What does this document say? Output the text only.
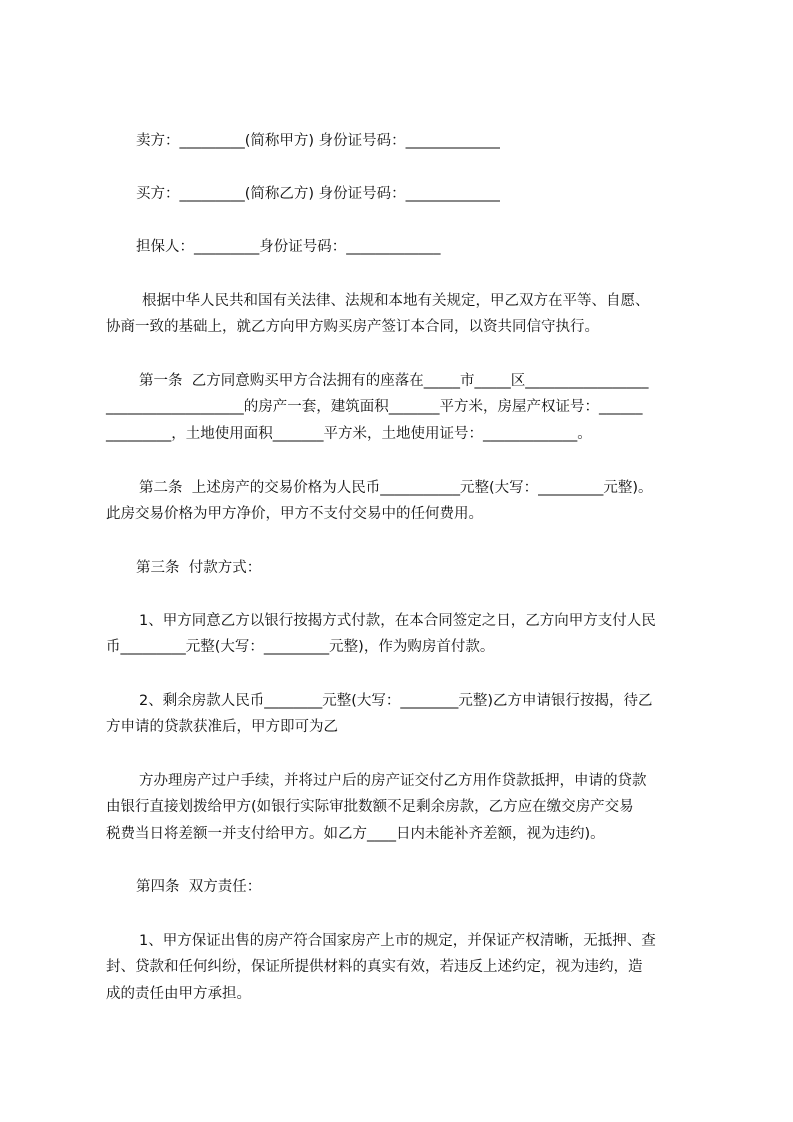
卖方：_________(简称甲方) 身份证号码：_____________

买方：_________(简称乙方) 身份证号码：_____________

担保人：_________身份证号码：_____________

根据中华人民共和国有关法律、法规和本地有关规定，甲乙双方在平等、自愿、

协商一致的基础上，就乙方向甲方购买房产签订本合同，以资共同信守执行。

第一条  乙方同意购买甲方合法拥有的座落在_____市_____区_________________

___________________的房产一套，建筑面积_______平方米，房屋产权证号：______

_________，土地使用面积_______平方米，土地使用证号：_____________。

第二条  上述房产的交易价格为人民币___________元整(大写：_________元整)。

此房交易价格为甲方净价，甲方不支付交易中的任何费用。

第三条  付款方式：

1、甲方同意乙方以银行按揭方式付款，在本合同签定之日，乙方向甲方支付人民

币_________元整(大写：_________元整)，作为购房首付款。

2、剩余房款人民币________元整(大写：________元整)乙方申请银行按揭，待乙

方申请的贷款获准后，甲方即可为乙

方办理房产过户手续，并将过户后的房产证交付乙方用作贷款抵押，申请的贷款

由银行直接划拨给甲方(如银行实际审批数额不足剩余房款，乙方应在缴交房产交易

税费当日将差额一并支付给甲方。如乙方____日内未能补齐差额，视为违约)。

第四条  双方责任：

1、甲方保证出售的房产符合国家房产上市的规定，并保证产权清晰，无抵押、查

封、贷款和任何纠纷，保证所提供材料的真实有效，若违反上述约定，视为违约，造

成的责任由甲方承担。
